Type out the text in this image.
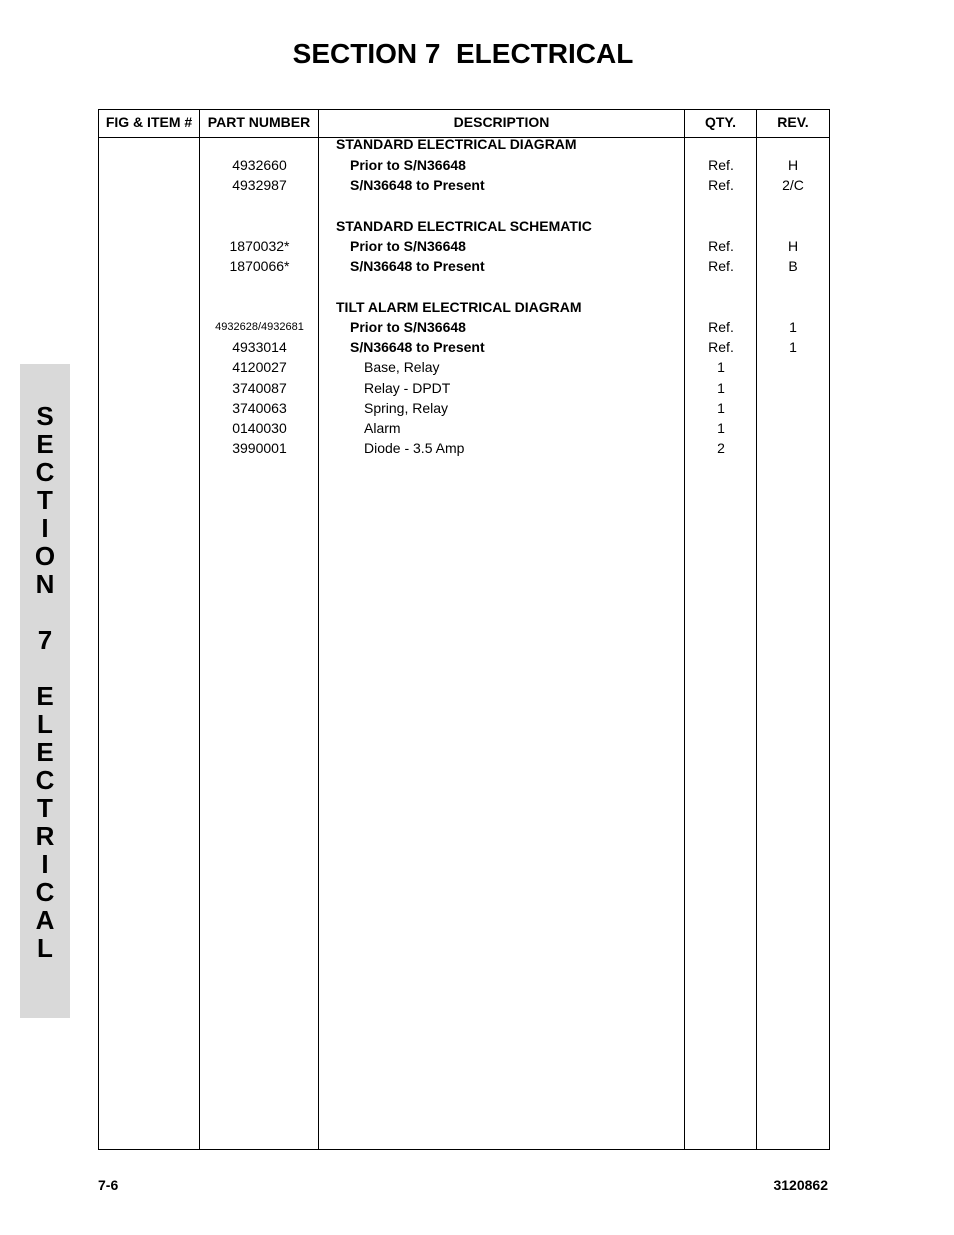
SECTION 7  ELECTRICAL
S
E
C
T
I
O
N
7
E
L
E
C
T
R
I
C
A
L
FIG & ITEM #	PART NUMBER	DESCRIPTION	QTY.	REV.
STANDARD ELECTRICAL DIAGRAM
4932660	Prior to S/N36648	Ref.	H
4932987	S/N36648 to Present	Ref.	2/C
STANDARD ELECTRICAL SCHEMATIC
1870032*	Prior to S/N36648	Ref.	H
1870066*	S/N36648 to Present	Ref.	B
TILT ALARM ELECTRICAL DIAGRAM
4932628/4932681	Prior to S/N36648	Ref.	1
4933014	S/N36648 to Present	Ref.	1
4120027	Base, Relay	1
3740087	Relay - DPDT	1
3740063	Spring, Relay	1
0140030	Alarm	1
3990001	Diode - 3.5 Amp	2
7-6	3120862
